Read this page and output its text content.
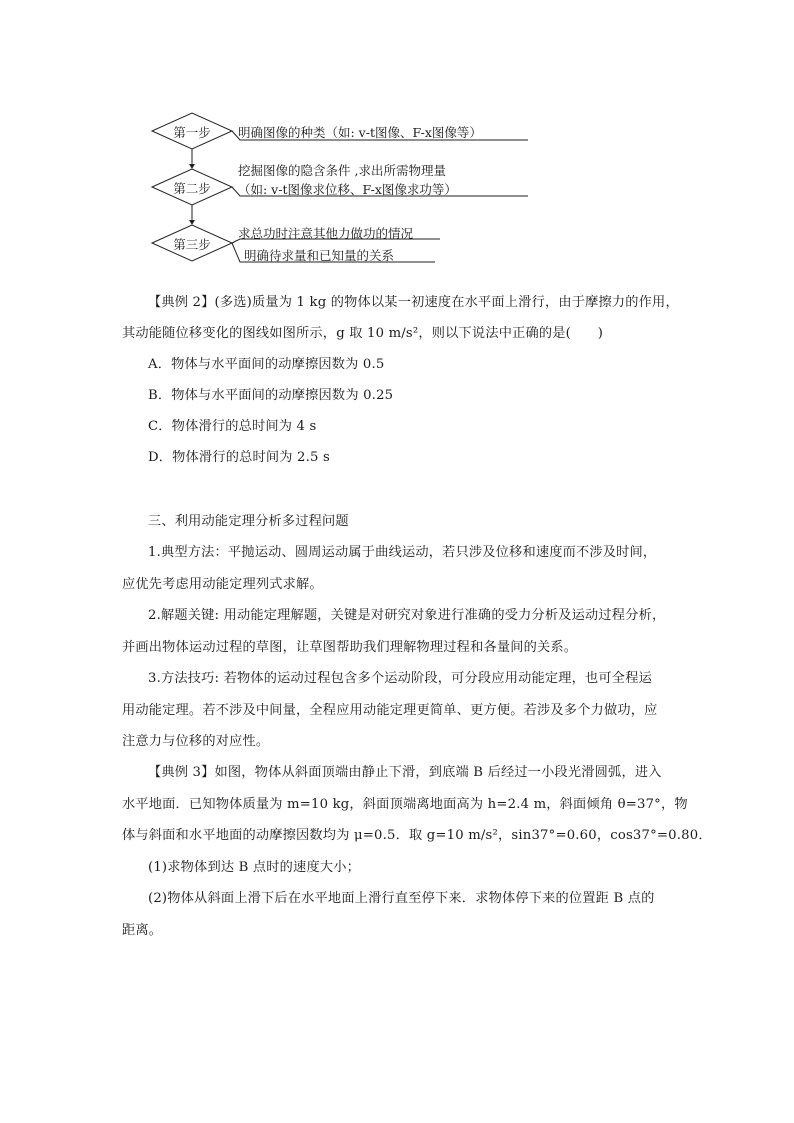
第一步
第二步
第三步
明确图像的种类（如: v-t图像、F-x图像等）
挖掘图像的隐含条件 ,求出所需物理量
（如: v-t图像求位移、F-x图像求功等）
求总功时注意其他力做功的情况
明确待求量和已知量的关系
【典例 2】(多选)质量为 1 kg 的物体以某一初速度在水平面上滑行，由于摩擦力的作用，
其动能随位移变化的图线如图所示，g 取 10 m/s²，则以下说法中正确的是(　　)
A．物体与水平面间的动摩擦因数为 0.5
B．物体与水平面间的动摩擦因数为 0.25
C．物体滑行的总时间为 4 s
D．物体滑行的总时间为 2.5 s
三、利用动能定理分析多过程问题
1.典型方法：平抛运动、圆周运动属于曲线运动，若只涉及位移和速度而不涉及时间，
应优先考虑用动能定理列式求解。
2.解题关键: 用动能定理解题，关键是对研究对象进行准确的受力分析及运动过程分析，
并画出物体运动过程的草图，让草图帮助我们理解物理过程和各量间的关系。
3.方法技巧: 若物体的运动过程包含多个运动阶段，可分段应用动能定理，也可全程运
用动能定理。若不涉及中间量，全程应用动能定理更简单、更方便。若涉及多个力做功，应
注意力与位移的对应性。
【典例 3】如图，物体从斜面顶端由静止下滑，到底端 B 后经过一小段光滑圆弧，进入
水平地面．已知物体质量为 m=10 kg，斜面顶端离地面高为 h=2.4 m，斜面倾角 θ=37°，物
体与斜面和水平地面的动摩擦因数均为 μ=0.5．取 g=10 m/s²，sin37°=0.60，cos37°=0.80．
(1)求物体到达 B 点时的速度大小；
(2)物体从斜面上滑下后在水平地面上滑行直至停下来．求物体停下来的位置距 B 点的
距离。
